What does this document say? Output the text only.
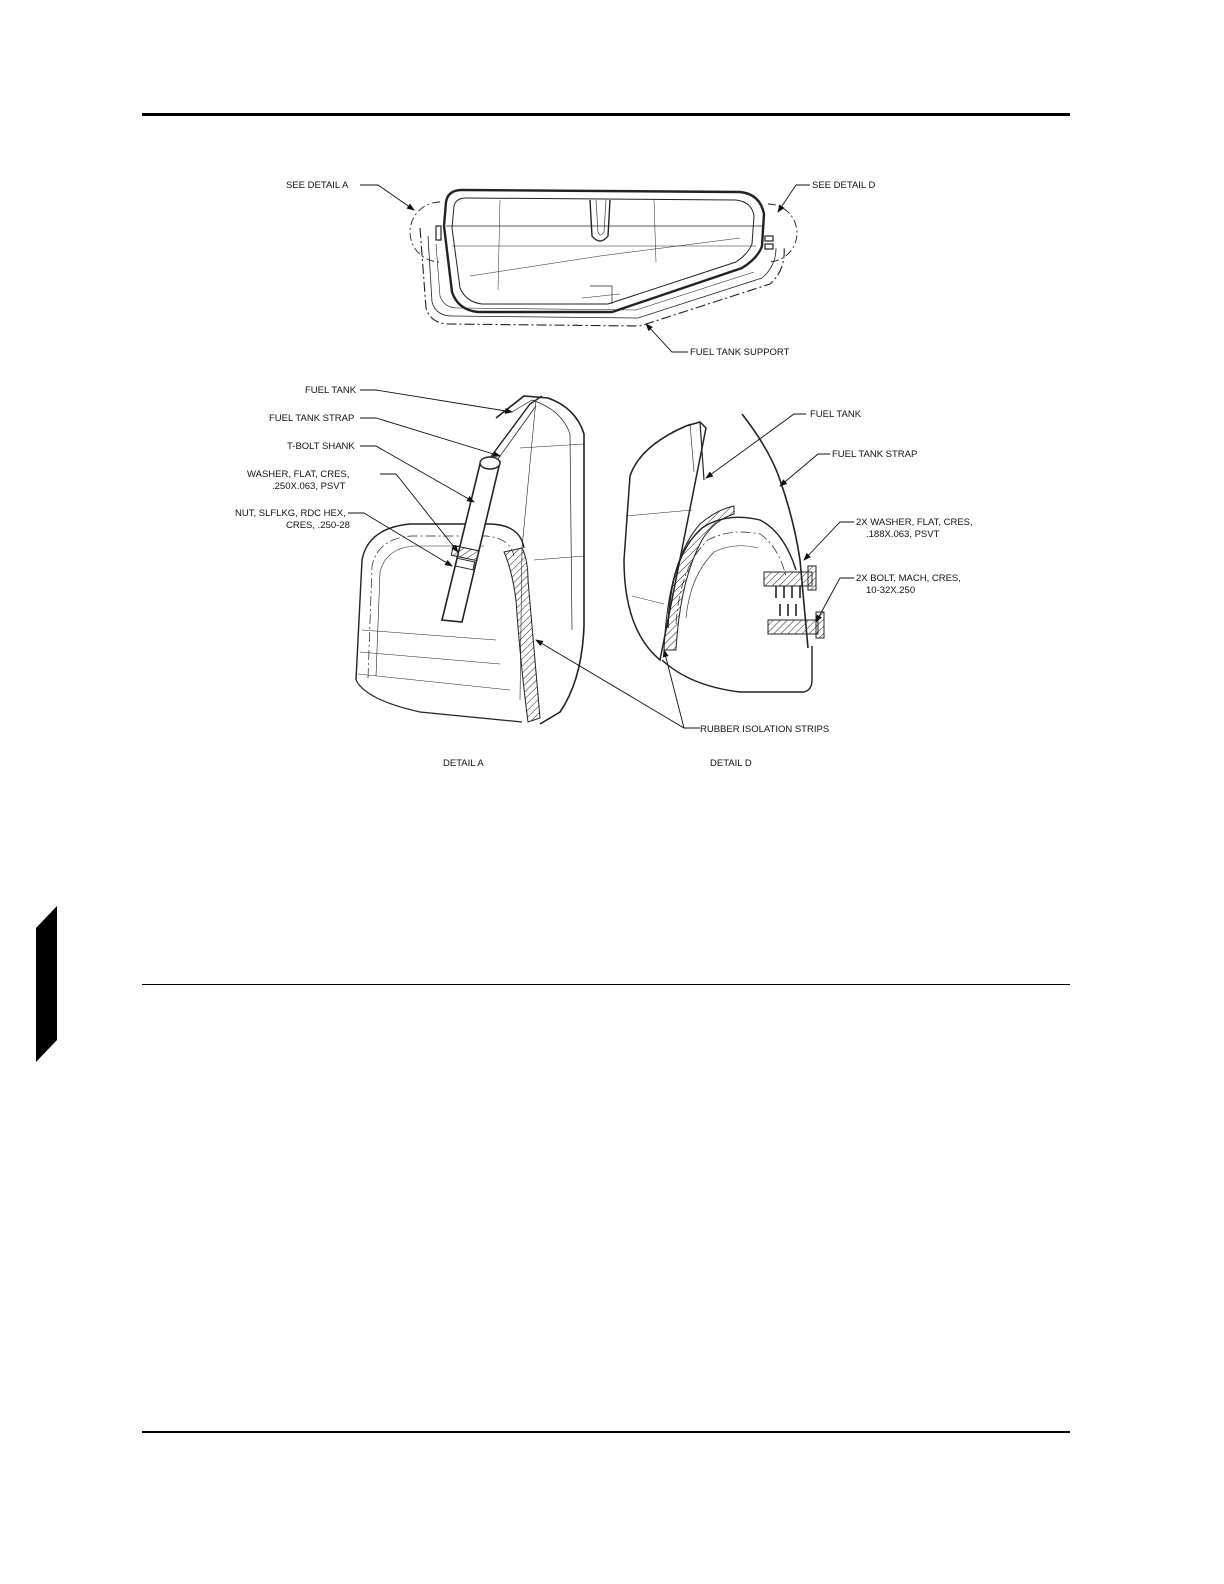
SEE DETAIL A	SEE DETAIL D
FUEL TANK SUPPORT
FUEL TANK
FUEL TANK STRAP
T-BOLT SHANK
WASHER, FLAT, CRES,
.250X.063, PSVT
NUT, SLFLKG, RDC HEX,
CRES, .250-28
FUEL TANK
FUEL TANK STRAP
2X WASHER, FLAT, CRES,
.188X.063, PSVT
2X BOLT, MACH, CRES,
10-32X.250
RUBBER ISOLATION STRIPS
DETAIL A	DETAIL D
